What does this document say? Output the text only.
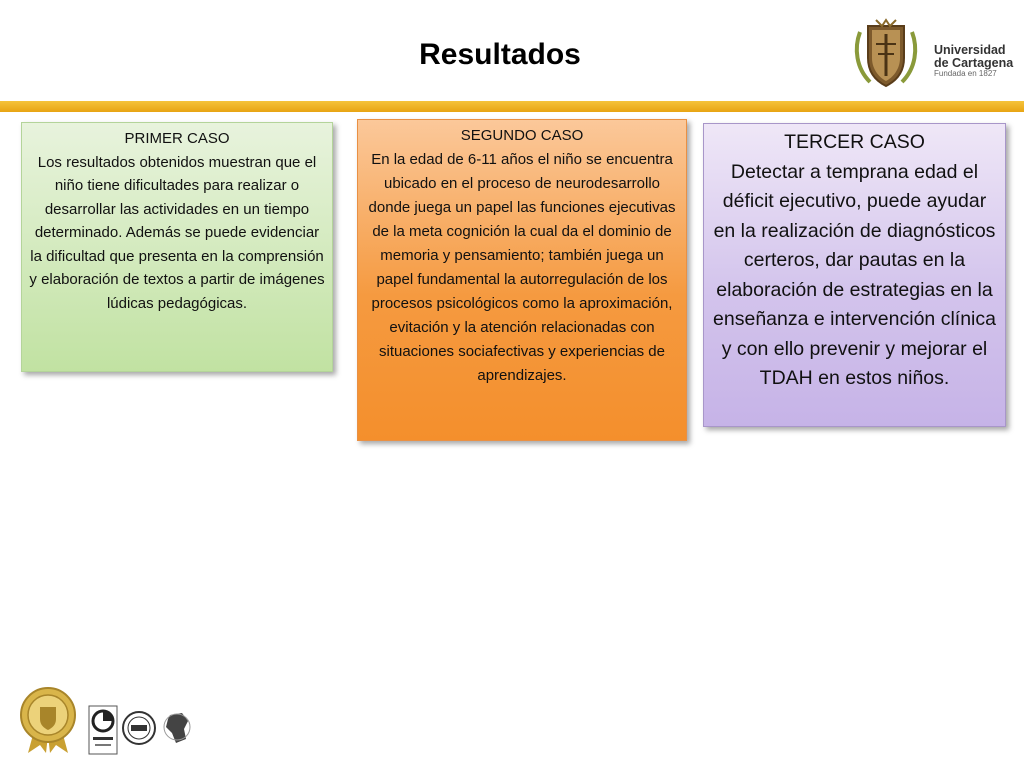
Resultados	Universidad
de Cartagena
Fundada en 1827

PRIMER CASO

Los resultados obtenidos muestran que el niño tiene dificultades para realizar o desarrollar las actividades en un tiempo determinado. Además se puede evidenciar la dificultad que presenta en la comprensión y elaboración de textos a partir de imágenes lúdicas pedagógicas.

SEGUNDO CASO

En la edad de 6-11 años el niño se encuentra ubicado en el proceso de neurodesarrollo donde juega un papel las funciones ejecutivas de la meta cognición la cual da el dominio de memoria y pensamiento; también juega un papel fundamental la autorregulación de los procesos psicológicos como la aproximación, evitación y la atención relacionadas con situaciones sociafectivas y experiencias de aprendizajes.

TERCER CASO

Detectar a temprana edad el déficit ejecutivo, puede ayudar en la realización de diagnósticos certeros, dar pautas en la elaboración de estrategias en la enseñanza e intervención clínica y con ello prevenir y mejorar el TDAH en estos niños.
